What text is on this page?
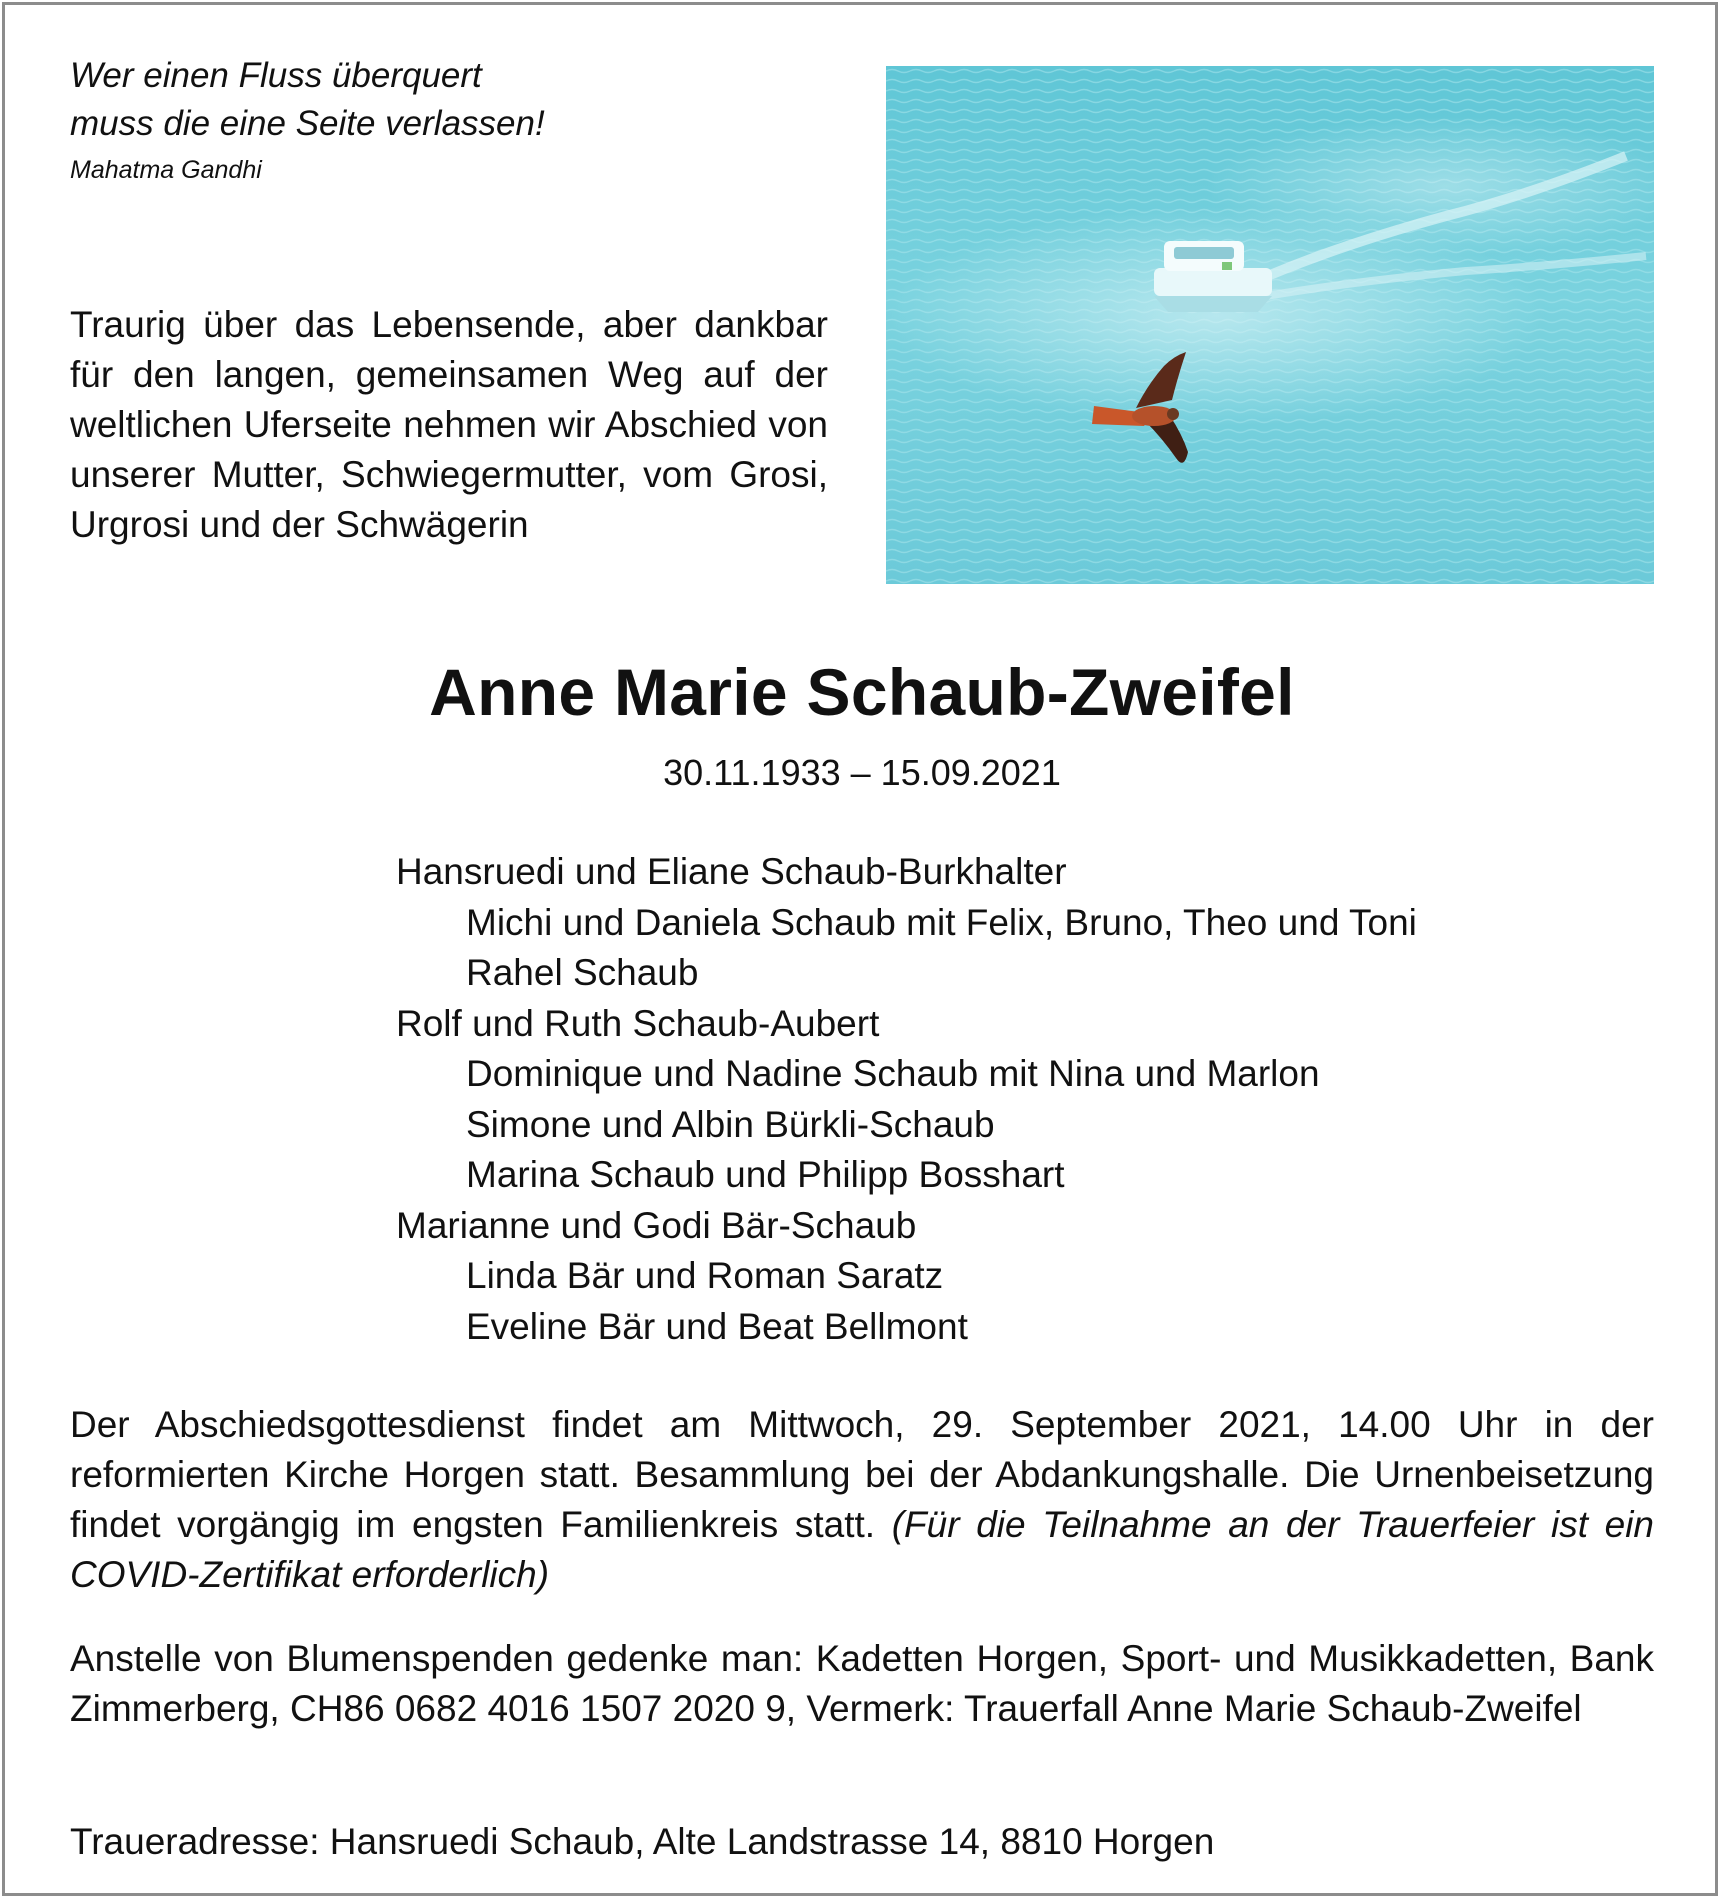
Wer einen Fluss überquert
muss die eine Seite verlassen!
Mahatma Gandhi
Traurig über das Lebensende, aber dankbar für den langen, gemeinsamen Weg auf der weltlichen Uferseite nehmen wir Abschied von unserer Mutter, Schwiegermutter, vom Grosi, Urgrosi und der Schwägerin
Anne Marie Schaub-Zweifel
30.11.1933 – 15.09.2021
Hansruedi und Eliane Schaub-Burkhalter
Michi und Daniela Schaub mit Felix, Bruno, Theo und Toni
Rahel Schaub
Rolf und Ruth Schaub-Aubert
Dominique und Nadine Schaub mit Nina und Marlon
Simone und Albin Bürkli-Schaub
Marina Schaub und Philipp Bosshart
Marianne und Godi Bär-Schaub
Linda Bär und Roman Saratz
Eveline Bär und Beat Bellmont
Der Abschiedsgottesdienst findet am Mittwoch, 29. September 2021, 14.00 Uhr in der reformierten Kirche Horgen statt. Besammlung bei der Abdankungshalle. Die Urnenbeisetzung findet vorgängig im engsten Familienkreis statt. (Für die Teilnahme an der Trauerfeier ist ein COVID-Zertifikat erforderlich)
Anstelle von Blumenspenden gedenke man: Kadetten Horgen, Sport- und Musikkadetten, Bank Zimmerberg, CH86 0682 4016 1507 2020 9, Vermerk: Trauerfall Anne Marie Schaub-Zweifel
Traueradresse: Hansruedi Schaub, Alte Landstrasse 14, 8810 Horgen
